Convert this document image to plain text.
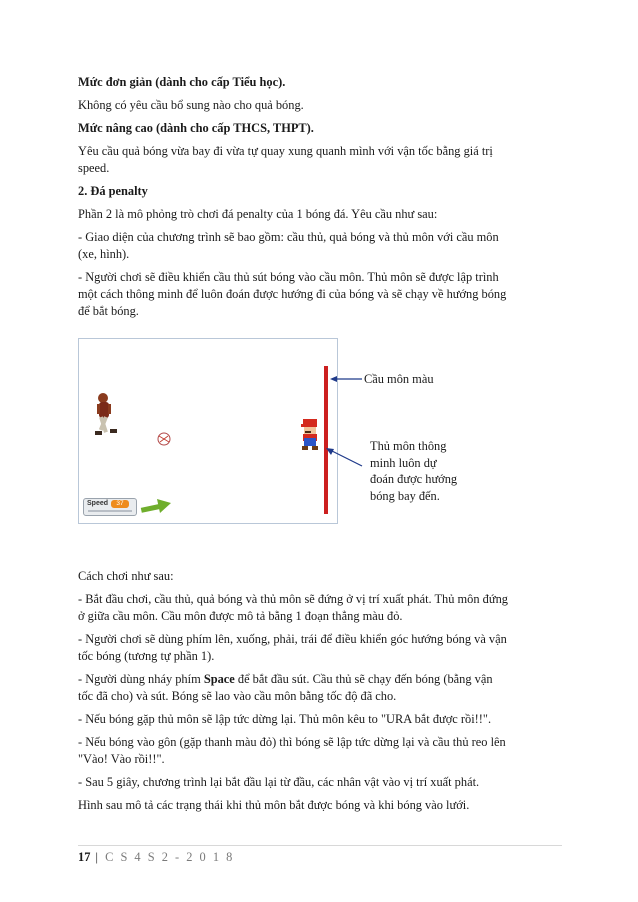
Mức đơn giản (dành cho cấp Tiểu học).

Không có yêu cầu bổ sung nào cho quả bóng.

Mức nâng cao (dành cho cấp THCS, THPT).

Yêu cầu quả bóng vừa bay đi vừa tự quay xung quanh mình với vận tốc bằng giá trị

speed.

2. Đá penalty

Phần 2 là mô phỏng trò chơi đá penalty của 1 bóng đá. Yêu cầu như sau:

- Giao diện của chương trình sẽ bao gồm: cầu thủ, quả bóng và thủ môn với cầu môn

(xe, hình).

- Người chơi sẽ điều khiển cầu thủ sút bóng vào cầu môn. Thủ môn sẽ được lập trình

một cách thông minh để luôn đoán được hướng đi của bóng và sẽ chạy về hướng bóng

để bắt bóng.

Speed	37
Cầu môn màu
Thủ môn thông
minh luôn dự
đoán được hướng
bóng bay đến.

Cách chơi như sau:

- Bắt đầu chơi, cầu thủ, quả bóng và thủ môn sẽ đứng ở vị trí xuất phát. Thủ môn đứng

ở giữa cầu môn. Cầu môn được mô tả bằng 1 đoạn thẳng màu đỏ.

- Người chơi sẽ dùng phím lên, xuống, phải, trái để điều khiển góc hướng bóng và vận

tốc bóng (tương tự phần 1).

- Người dùng nháy phím Space để bắt đầu sút. Cầu thủ sẽ chạy đến bóng (bằng vận

tốc đã cho) và sút. Bóng sẽ lao vào cầu môn bằng tốc độ đã cho.

- Nếu bóng gặp thủ môn sẽ lập tức dừng lại. Thủ môn kêu to "URA bắt được rồi!!".

- Nếu bóng vào gôn (gặp thanh màu đỏ) thì bóng sẽ lập tức dừng lại và cầu thủ reo lên

"Vào! Vào rồi!!".

- Sau 5 giây, chương trình lại bắt đầu lại từ đầu, các nhân vật vào vị trí xuất phát.

Hình sau mô tả các trạng thái khi thủ môn bắt được bóng và khi bóng vào lưới.

17 | C S 4 S 2 - 2 0 1 8
